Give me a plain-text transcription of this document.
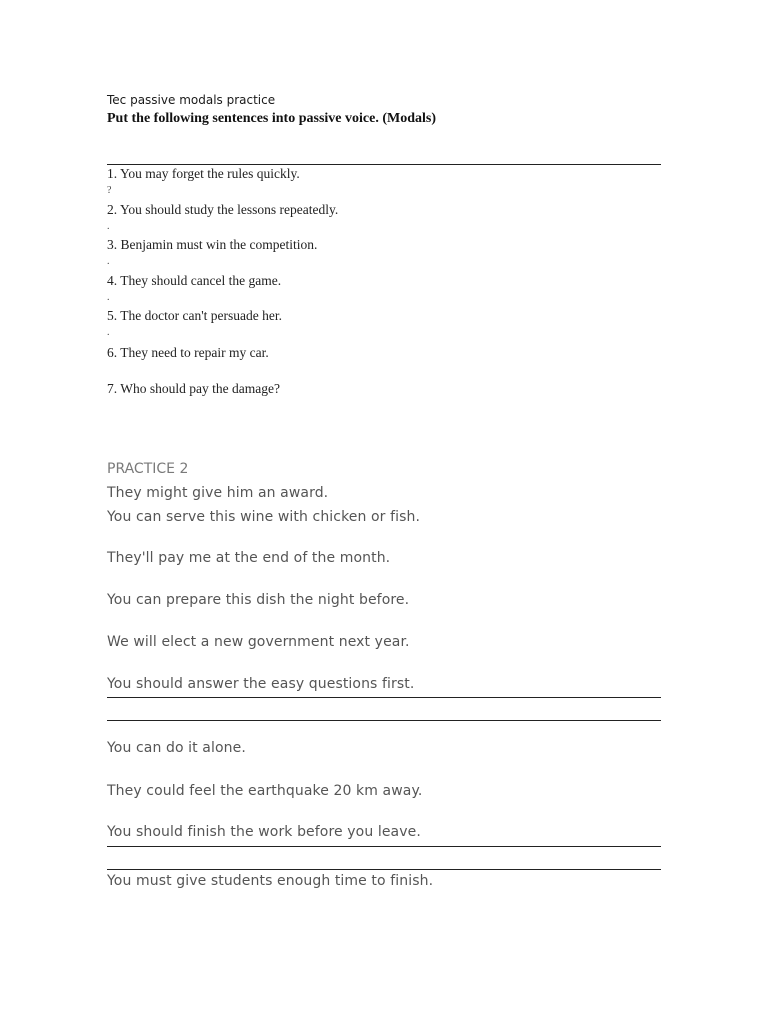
Tec passive modals practice

Put the following sentences into passive voice. (Modals)

1. You may forget the rules quickly.

?

2. You should study the lessons repeatedly.

.

3. Benjamin must win the competition.

.

4. They should cancel the game.

.

5. The doctor can't persuade her.

.

6. They need to repair my car.

7. Who should pay the damage?

PRACTICE 2

They might give him an award.

You can serve this wine with chicken or fish.

They'll pay me at the end of the month.

You can prepare this dish the night before.

We will elect a new government next year.

You should answer the easy questions first.

You can do it alone.

They could feel the earthquake 20 km away.

You should finish the work before you leave.

You must give students enough time to finish.
